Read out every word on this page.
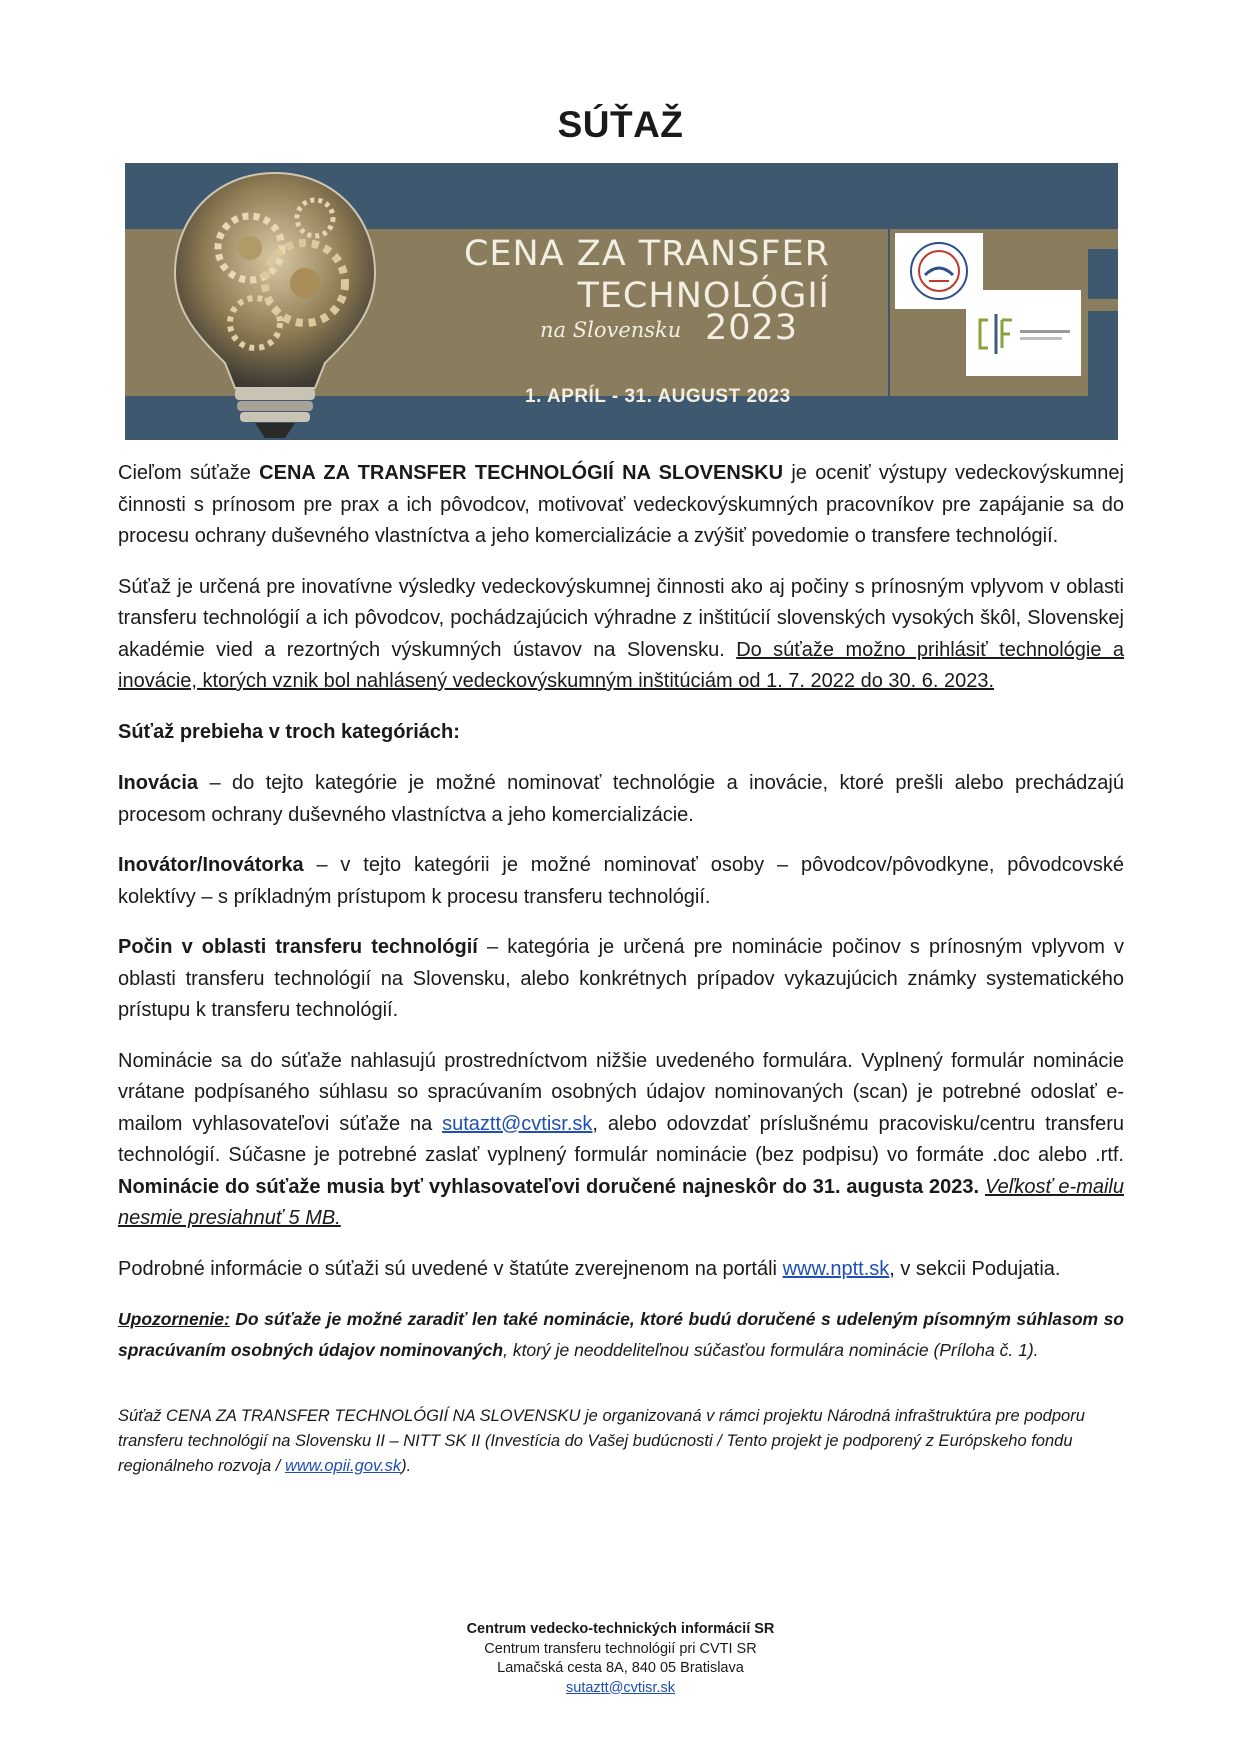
SÚŤAŽ
CENA ZA TRANSFER
TECHNOLÓGIÍ
na Slovensku 2023
1. APRÍL - 31. AUGUST 2023

Cieľom súťaže CENA ZA TRANSFER TECHNOLÓGIÍ NA SLOVENSKU je oceniť výstupy vedeckovýskumnej činnosti s prínosom pre prax a ich pôvodcov, motivovať vedeckovýskumných pracovníkov pre zapájanie sa do procesu ochrany duševného vlastníctva a jeho komercializácie a zvýšiť povedomie o transfere technológií.

Súťaž je určená pre inovatívne výsledky vedeckovýskumnej činnosti ako aj počiny s prínosným vplyvom v oblasti transferu technológií a ich pôvodcov, pochádzajúcich výhradne z inštitúcií slovenských vysokých škôl, Slovenskej akadémie vied a rezortných výskumných ústavov na Slovensku. Do súťaže možno prihlásiť technológie a inovácie, ktorých vznik bol nahlásený vedeckovýskumným inštitúciám od 1. 7. 2022 do 30. 6. 2023.

Súťaž prebieha v troch kategóriách:

Inovácia – do tejto kategórie je možné nominovať technológie a inovácie, ktoré prešli alebo prechádzajú procesom ochrany duševného vlastníctva a jeho komercializácie.

Inovátor/Inovátorka – v tejto kategórii je možné nominovať osoby – pôvodcov/pôvodkyne, pôvodcovské kolektívy – s príkladným prístupom k procesu transferu technológií.

Počin v oblasti transferu technológií – kategória je určená pre nominácie počinov s prínosným vplyvom v oblasti transferu technológií na Slovensku, alebo konkrétnych prípadov vykazujúcich známky systematického prístupu k transferu technológií.

Nominácie sa do súťaže nahlasujú prostredníctvom nižšie uvedeného formulára. Vyplnený formulár nominácie vrátane podpísaného súhlasu so spracúvaním osobných údajov nominovaných (scan) je potrebné odoslať e-mailom vyhlasovateľovi súťaže na sutaztt@cvtisr.sk, alebo odovzdať príslušnému pracovisku/centru transferu technológií. Súčasne je potrebné zaslať vyplnený formulár nominácie (bez podpisu) vo formáte .doc alebo .rtf. Nominácie do súťaže musia byť vyhlasovateľovi doručené najneskôr do 31. augusta 2023. Veľkosť e-mailu nesmie presiahnuť 5 MB.

Podrobné informácie o súťaži sú uvedené v štatúte zverejnenom na portáli www.nptt.sk, v sekcii Podujatia.

Upozornenie: Do súťaže je možné zaradiť len také nominácie, ktoré budú doručené s udeleným písomným súhlasom so spracúvaním osobných údajov nominovaných, ktorý je neoddeliteľnou súčasťou formulára nominácie (Príloha č. 1).

Súťaž CENA ZA TRANSFER TECHNOLÓGIÍ NA SLOVENSKU je organizovaná v rámci projektu Národná infraštruktúra pre podporu transferu technológií na Slovensku II – NITT SK II (Investícia do Vašej budúcnosti / Tento projekt je podporený z Európskeho fondu regionálneho rozvoja / www.opii.gov.sk).

Centrum vedecko-technických informácií SR
Centrum transferu technológií pri CVTI SR
Lamačská cesta 8A, 840 05 Bratislava
sutaztt@cvtisr.sk
